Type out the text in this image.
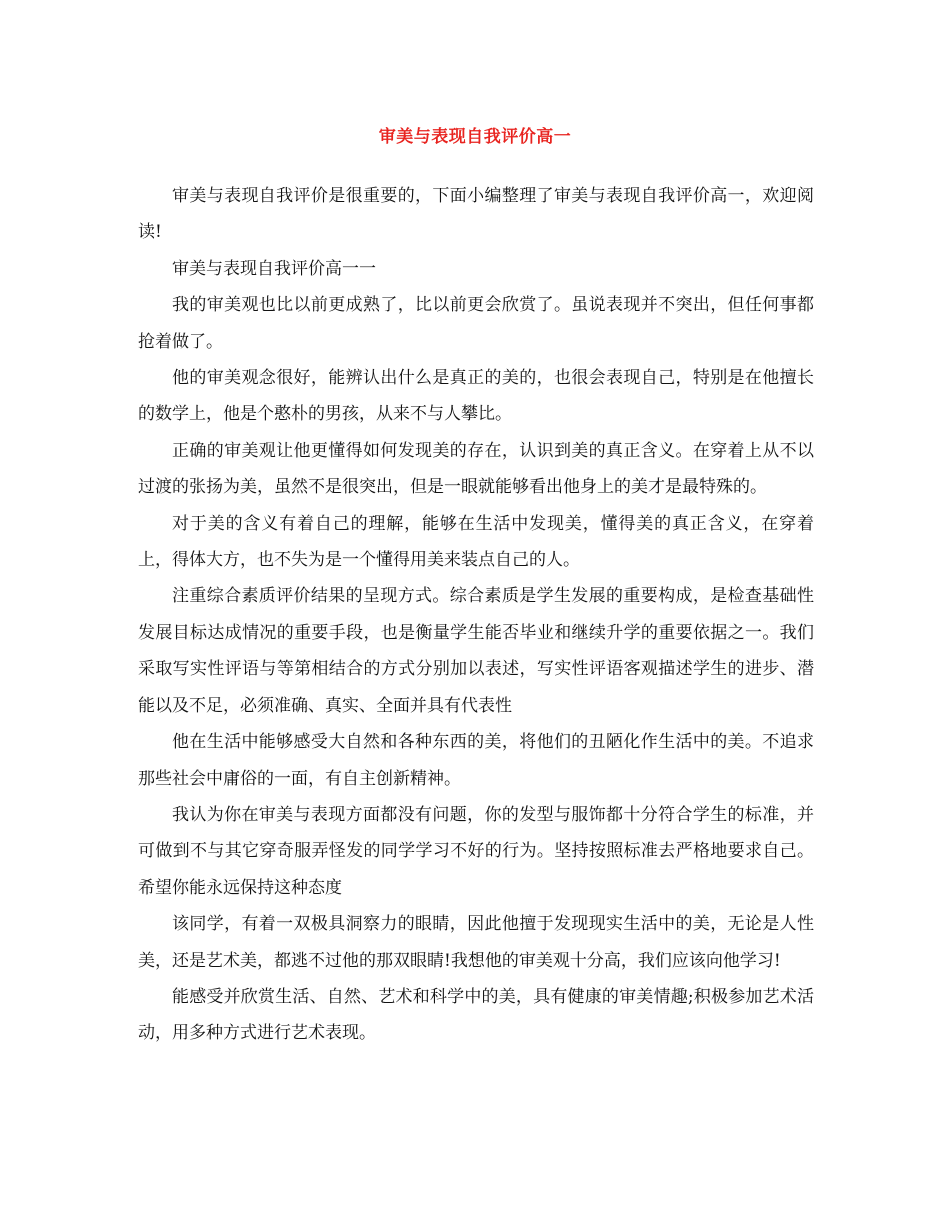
审美与表现自我评价高一

审美与表现自我评价是很重要的，下面小编整理了审美与表现自我评价高一，欢迎阅读!

审美与表现自我评价高一一

我的审美观也比以前更成熟了，比以前更会欣赏了。虽说表现并不突出，但任何事都抢着做了。

他的审美观念很好，能辨认出什么是真正的美的，也很会表现自己，特别是在他擅长的数学上，他是个憨朴的男孩，从来不与人攀比。

正确的审美观让他更懂得如何发现美的存在，认识到美的真正含义。在穿着上从不以过渡的张扬为美，虽然不是很突出，但是一眼就能够看出他身上的美才是最特殊的。

对于美的含义有着自己的理解，能够在生活中发现美，懂得美的真正含义，在穿着上，得体大方，也不失为是一个懂得用美来装点自己的人。

注重综合素质评价结果的呈现方式。综合素质是学生发展的重要构成，是检查基础性发展目标达成情况的重要手段，也是衡量学生能否毕业和继续升学的重要依据之一。我们采取写实性评语与等第相结合的方式分别加以表述，写实性评语客观描述学生的进步、潜能以及不足，必须准确、真实、全面并具有代表性

他在生活中能够感受大自然和各种东西的美，将他们的丑陋化作生活中的美。不追求那些社会中庸俗的一面，有自主创新精神。

我认为你在审美与表现方面都没有问题，你的发型与服饰都十分符合学生的标准，并可做到不与其它穿奇服弄怪发的同学学习不好的行为。坚持按照标准去严格地要求自己。希望你能永远保持这种态度

该同学，有着一双极具洞察力的眼睛，因此他擅于发现现实生活中的美，无论是人性美，还是艺术美，都逃不过他的那双眼睛!我想他的审美观十分高，我们应该向他学习!

能感受并欣赏生活、自然、艺术和科学中的美，具有健康的审美情趣;积极参加艺术活动，用多种方式进行艺术表现。
